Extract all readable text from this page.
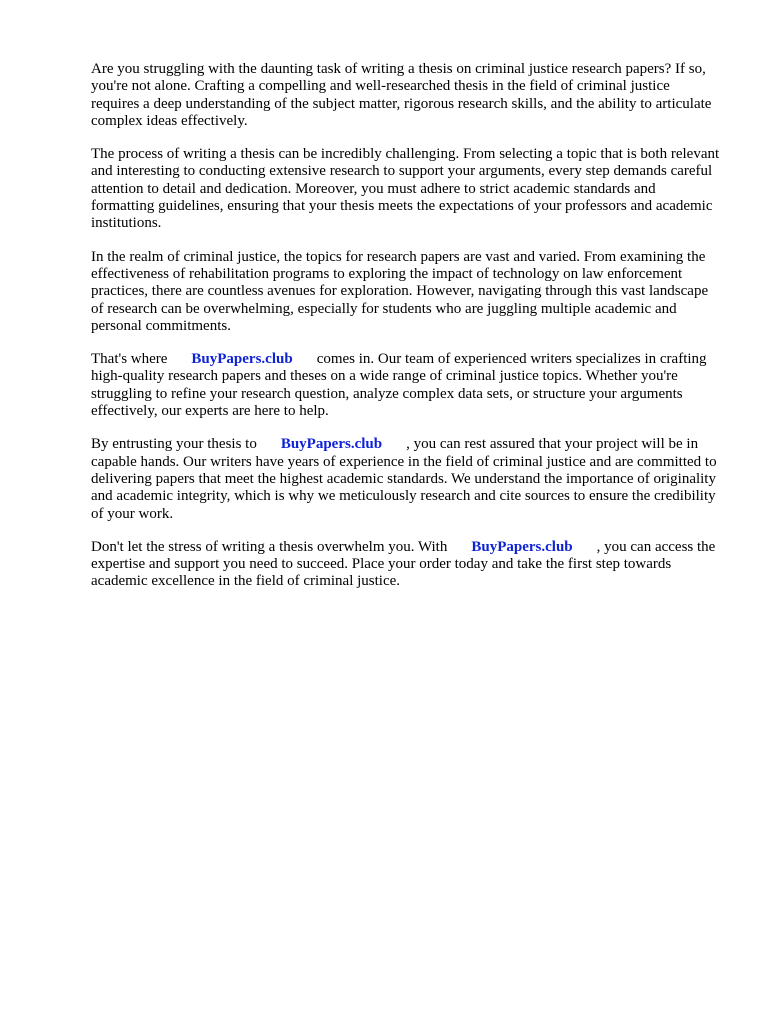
Are you struggling with the daunting task of writing a thesis on criminal justice research papers? If so, you're not alone. Crafting a compelling and well-researched thesis in the field of criminal justice requires a deep understanding of the subject matter, rigorous research skills, and the ability to articulate complex ideas effectively.

The process of writing a thesis can be incredibly challenging. From selecting a topic that is both relevant and interesting to conducting extensive research to support your arguments, every step demands careful attention to detail and dedication. Moreover, you must adhere to strict academic standards and formatting guidelines, ensuring that your thesis meets the expectations of your professors and academic institutions.

In the realm of criminal justice, the topics for research papers are vast and varied. From examining the effectiveness of rehabilitation programs to exploring the impact of technology on law enforcement practices, there are countless avenues for exploration. However, navigating through this vast landscape of research can be overwhelming, especially for students who are juggling multiple academic and personal commitments.

That's where BuyPapers.club comes in. Our team of experienced writers specializes in crafting high-quality research papers and theses on a wide range of criminal justice topics. Whether you're struggling to refine your research question, analyze complex data sets, or structure your arguments effectively, our experts are here to help.

By entrusting your thesis to BuyPapers.club , you can rest assured that your project will be in capable hands. Our writers have years of experience in the field of criminal justice and are committed to delivering papers that meet the highest academic standards. We understand the importance of originality and academic integrity, which is why we meticulously research and cite sources to ensure the credibility of your work.

Don't let the stress of writing a thesis overwhelm you. With BuyPapers.club , you can access the expertise and support you need to succeed. Place your order today and take the first step towards academic excellence in the field of criminal justice.
